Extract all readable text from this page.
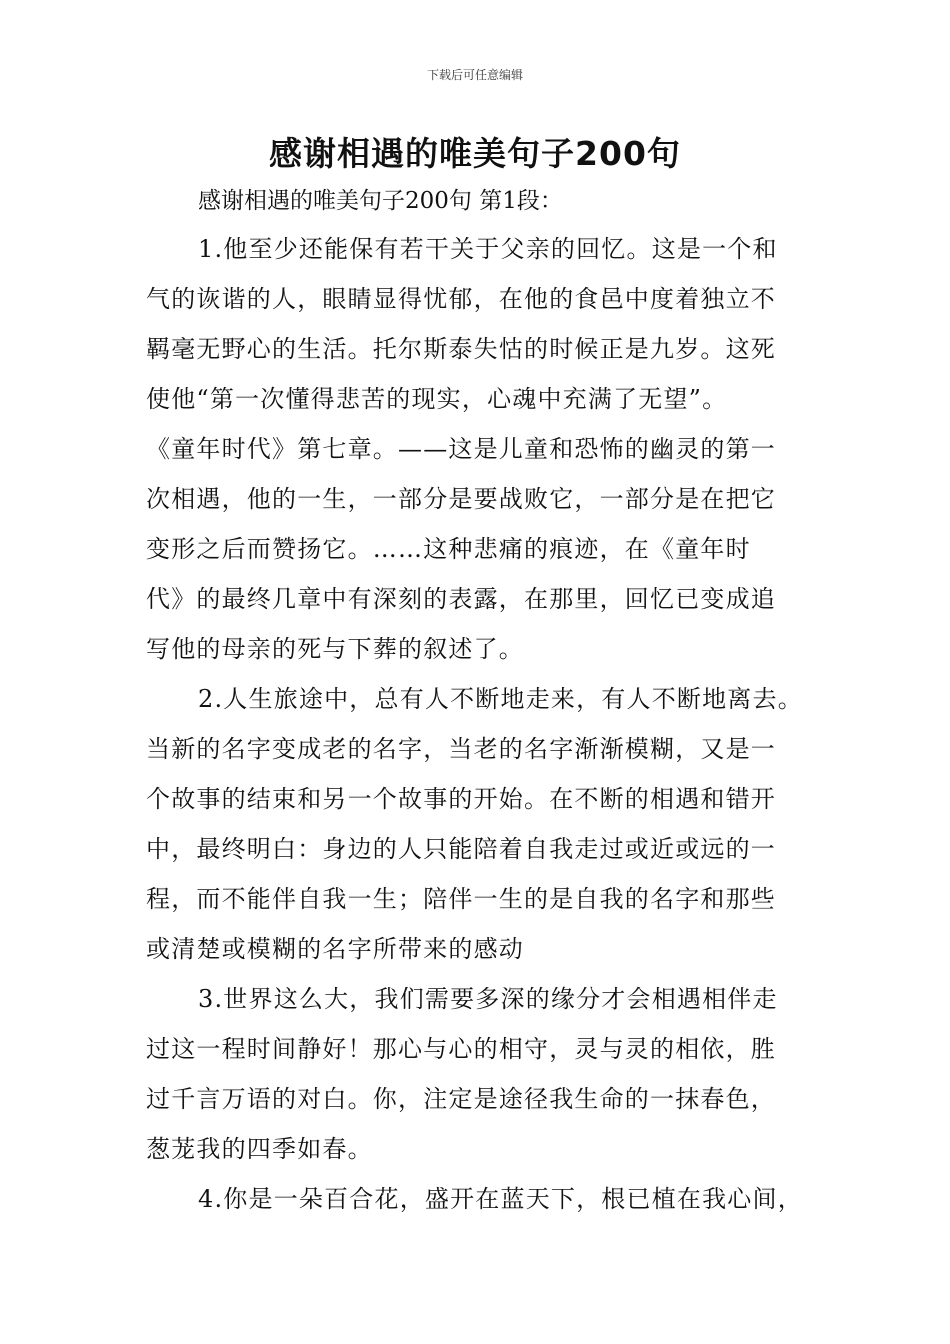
下载后可任意编辑
感谢相遇的唯美句子200句
感谢相遇的唯美句子200句 第1段：
1.他至少还能保有若干关于父亲的回忆。这是一个和
气的诙谐的人，眼睛显得忧郁，在他的食邑中度着独立不
羁毫无野心的生活。托尔斯泰失怙的时候正是九岁。这死
使他“第一次懂得悲苦的现实，心魂中充满了无望”。
《童年时代》第七章。——这是儿童和恐怖的幽灵的第一
次相遇，他的一生，一部分是要战败它，一部分是在把它
变形之后而赞扬它。……这种悲痛的痕迹，在《童年时
代》的最终几章中有深刻的表露，在那里，回忆已变成追
写他的母亲的死与下葬的叙述了。
2.人生旅途中，总有人不断地走来，有人不断地离去。
当新的名字变成老的名字，当老的名字渐渐模糊，又是一
个故事的结束和另一个故事的开始。在不断的相遇和错开
中，最终明白：身边的人只能陪着自我走过或近或远的一
程，而不能伴自我一生；陪伴一生的是自我的名字和那些
或清楚或模糊的名字所带来的感动
3.世界这么大，我们需要多深的缘分才会相遇相伴走
过这一程时间静好！那心与心的相守，灵与灵的相依，胜
过千言万语的对白。你，注定是途径我生命的一抹春色，
葱茏我的四季如春。
4.你是一朵百合花，盛开在蓝天下，根已植在我心间，
